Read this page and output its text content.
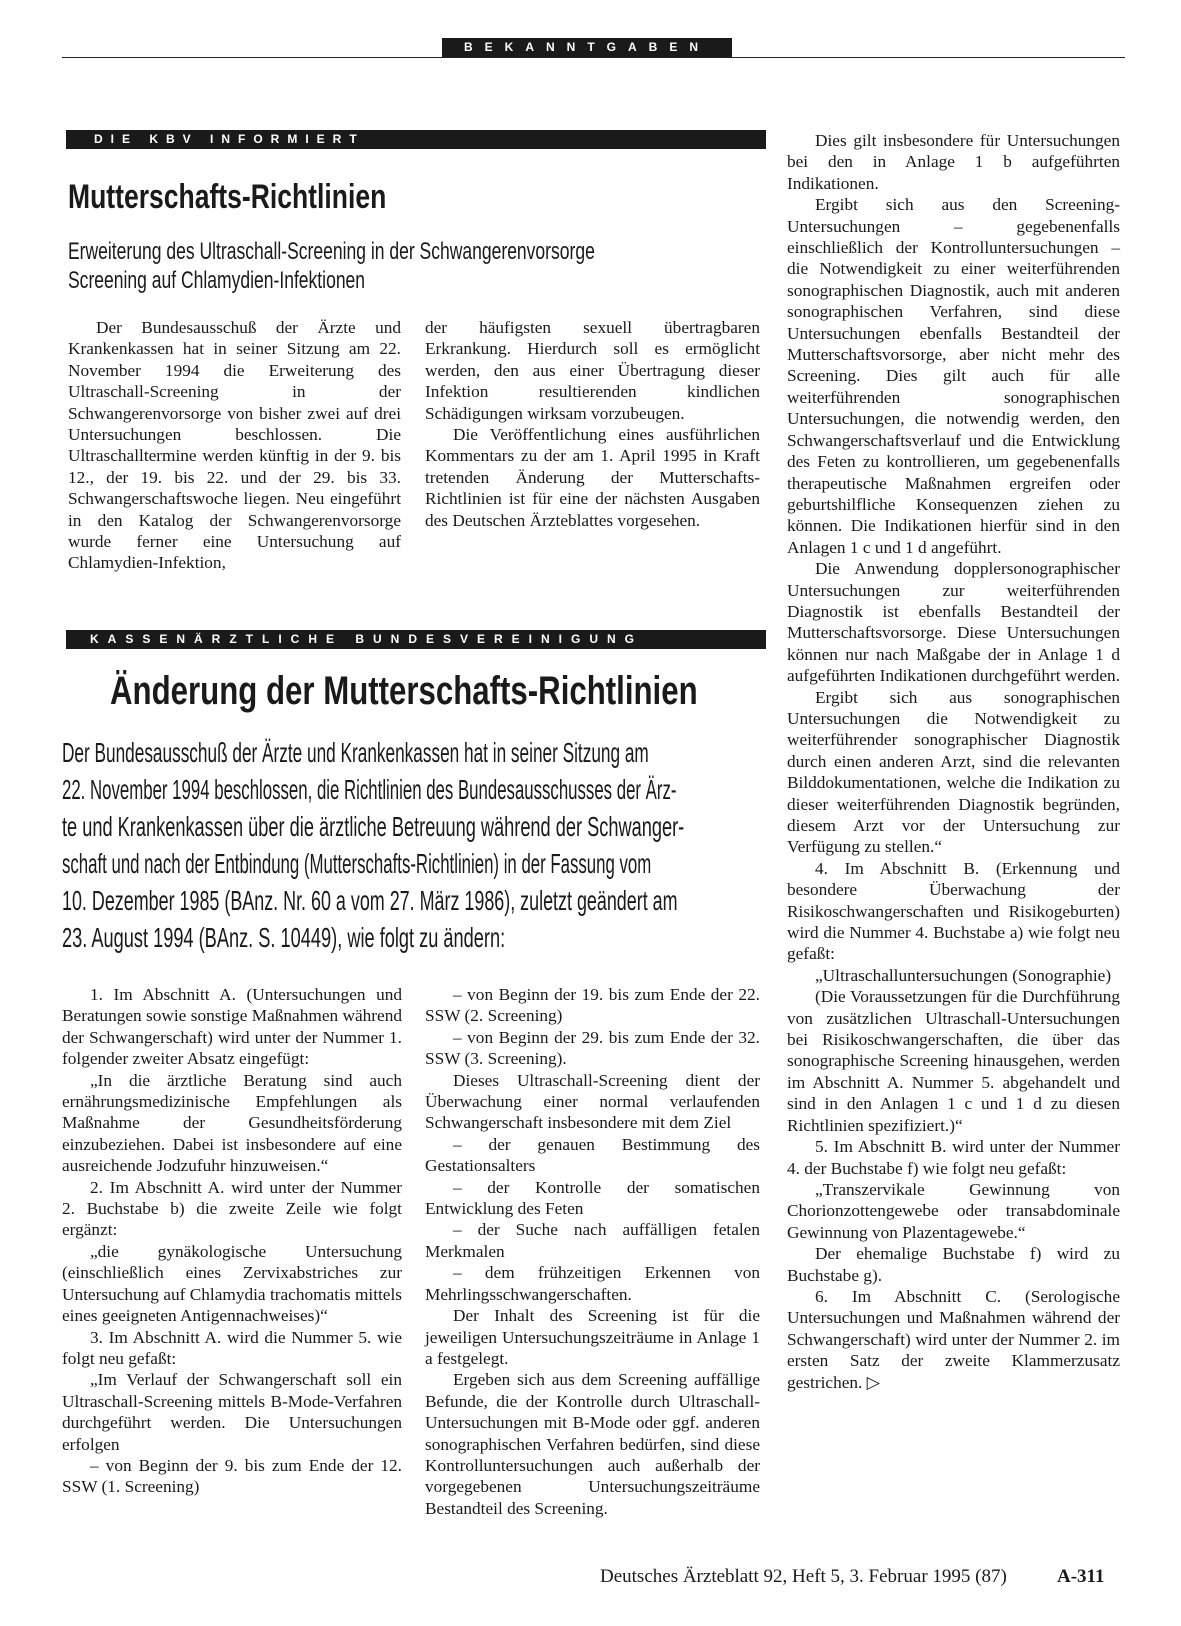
BEKANNTGABEN
DIE KBV INFORMIERT
Mutterschafts-Richtlinien
Erweiterung des Ultraschall-Screening in der Schwangerenvorsorge
Screening auf Chlamydien-Infektionen

Der Bundesausschuß der Ärzte und Krankenkassen hat in seiner Sitzung am 22. November 1994 die Erweiterung des Ultraschall-Screening in der Schwangerenvorsorge von bisher zwei auf drei Untersuchungen beschlossen. Die Ultraschalltermine werden künftig in der 9. bis 12., der 19. bis 22. und der 29. bis 33. Schwangerschaftswoche liegen. Neu eingeführt in den Katalog der Schwangerenvorsorge wurde ferner eine Untersuchung auf Chlamydien-Infektion,

der häufigsten sexuell übertragbaren Erkrankung. Hierdurch soll es ermöglicht werden, den aus einer Übertragung dieser Infektion resultierenden kindlichen Schädigungen wirksam vorzubeugen.

Die Veröffentlichung eines ausführlichen Kommentars zu der am 1. April 1995 in Kraft tretenden Änderung der Mutterschafts-Richtlinien ist für eine der nächsten Ausgaben des Deutschen Ärzteblattes vorgesehen.

KASSENÄRZTLICHE BUNDESVEREINIGUNG
Änderung der Mutterschafts-Richtlinien
Der Bundesausschuß der Ärzte und Krankenkassen hat in seiner Sitzung am
22. November 1994 beschlossen, die Richtlinien des Bundesausschusses der Ärz-
te und Krankenkassen über die ärztliche Betreuung während der Schwanger-
schaft und nach der Entbindung (Mutterschafts-Richtlinien) in der Fassung vom
10. Dezember 1985 (BAnz. Nr. 60 a vom 27. März 1986), zuletzt geändert am
23. August 1994 (BAnz. S. 10449), wie folgt zu ändern:

1. Im Abschnitt A. (Untersuchungen und Beratungen sowie sonstige Maßnahmen während der Schwangerschaft) wird unter der Nummer 1. folgender zweiter Absatz eingefügt:

„In die ärztliche Beratung sind auch ernährungsmedizinische Empfehlungen als Maßnahme der Gesundheitsförderung einzubeziehen. Dabei ist insbesondere auf eine ausreichende Jodzufuhr hinzuweisen.“

2. Im Abschnitt A. wird unter der Nummer 2. Buchstabe b) die zweite Zeile wie folgt ergänzt:

„die gynäkologische Untersuchung (einschließlich eines Zervixabstriches zur Untersuchung auf Chlamydia trachomatis mittels eines geeigneten Antigennachweises)“

3. Im Abschnitt A. wird die Nummer 5. wie folgt neu gefaßt:

„Im Verlauf der Schwangerschaft soll ein Ultraschall-Screening mittels B-Mode-Verfahren durchgeführt werden. Die Untersuchungen erfolgen

– von Beginn der 9. bis zum Ende der 12. SSW (1. Screening)

– von Beginn der 19. bis zum Ende der 22. SSW (2. Screening)

– von Beginn der 29. bis zum Ende der 32. SSW (3. Screening).

Dieses Ultraschall-Screening dient der Überwachung einer normal verlaufenden Schwangerschaft insbesondere mit dem Ziel

– der genauen Bestimmung des Gestationsalters

– der Kontrolle der somatischen Entwicklung des Feten

– der Suche nach auffälligen fetalen Merkmalen

– dem frühzeitigen Erkennen von Mehrlingsschwangerschaften.

Der Inhalt des Screening ist für die jeweiligen Untersuchungszeiträume in Anlage 1 a festgelegt.

Ergeben sich aus dem Screening auffällige Befunde, die der Kontrolle durch Ultraschall-Untersuchungen mit B-Mode oder ggf. anderen sonographischen Verfahren bedürfen, sind diese Kontrolluntersuchungen auch außerhalb der vorgegebenen Untersuchungszeiträume Bestandteil des Screening.

Dies gilt insbesondere für Untersuchungen bei den in Anlage 1 b aufgeführten Indikationen.

Ergibt sich aus den Screening-Untersuchungen – gegebenenfalls einschließlich der Kontrolluntersuchungen – die Notwendigkeit zu einer weiterführenden sonographischen Diagnostik, auch mit anderen sonographischen Verfahren, sind diese Untersuchungen ebenfalls Bestandteil der Mutterschaftsvorsorge, aber nicht mehr des Screening. Dies gilt auch für alle weiterführenden sonographischen Untersuchungen, die notwendig werden, den Schwangerschaftsverlauf und die Entwicklung des Feten zu kontrollieren, um gegebenenfalls therapeutische Maßnahmen ergreifen oder geburtshilfliche Konsequenzen ziehen zu können. Die Indikationen hierfür sind in den Anlagen 1 c und 1 d angeführt.

Die Anwendung dopplersonographischer Untersuchungen zur weiterführenden Diagnostik ist ebenfalls Bestandteil der Mutterschaftsvorsorge. Diese Untersuchungen können nur nach Maßgabe der in Anlage 1 d aufgeführten Indikationen durchgeführt werden.

Ergibt sich aus sonographischen Untersuchungen die Notwendigkeit zu weiterführender sonographischer Diagnostik durch einen anderen Arzt, sind die relevanten Bilddokumentationen, welche die Indikation zu dieser weiterführenden Diagnostik begründen, diesem Arzt vor der Untersuchung zur Verfügung zu stellen.“

4. Im Abschnitt B. (Erkennung und besondere Überwachung der Risikoschwangerschaften und Risikogeburten) wird die Nummer 4. Buchstabe a) wie folgt neu gefaßt:

„Ultraschalluntersuchungen (Sonographie)

(Die Voraussetzungen für die Durchführung von zusätzlichen Ultraschall-Untersuchungen bei Risikoschwangerschaften, die über das sonographische Screening hinausgehen, werden im Abschnitt A. Nummer 5. abgehandelt und sind in den Anlagen 1 c und 1 d zu diesen Richtlinien spezifiziert.)“

5. Im Abschnitt B. wird unter der Nummer 4. der Buchstabe f) wie folgt neu gefaßt:

„Transzervikale Gewinnung von Chorionzottengewebe oder transabdominale Gewinnung von Plazentagewebe.“

Der ehemalige Buchstabe f) wird zu Buchstabe g).

6. Im Abschnitt C. (Serologische Untersuchungen und Maßnahmen während der Schwangerschaft) wird unter der Nummer 2. im ersten Satz der zweite Klammerzusatz gestrichen. ▷

Deutsches Ärzteblatt 92, Heft 5, 3. Februar 1995 (87)	A-311
